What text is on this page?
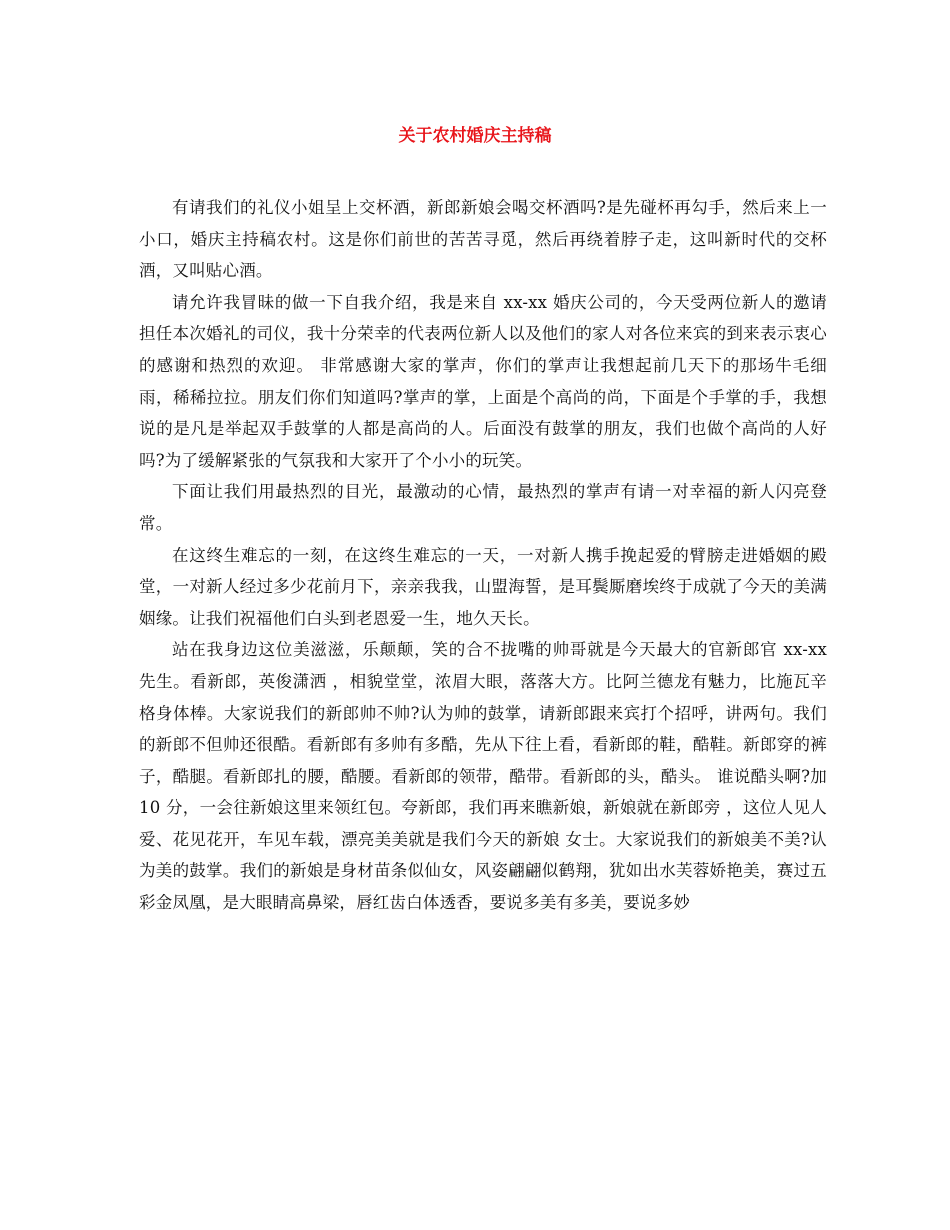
关于农村婚庆主持稿

有请我们的礼仪小姐呈上交杯酒，新郎新娘会喝交杯酒吗?是先碰杯再勾手，然后来上一小口，婚庆主持稿农村。这是你们前世的苦苦寻觅，然后再绕着脖子走，这叫新时代的交杯酒，又叫贴心酒。

请允许我冒昧的做一下自我介绍，我是来自 xx-xx 婚庆公司的，今天受两位新人的邀请担任本次婚礼的司仪，我十分荣幸的代表两位新人以及他们的家人对各位来宾的到来表示衷心的感谢和热烈的欢迎。 非常感谢大家的掌声，你们的掌声让我想起前几天下的那场牛毛细雨，稀稀拉拉。朋友们你们知道吗?掌声的掌，上面是个高尚的尚，下面是个手掌的手，我想说的是凡是举起双手鼓掌的人都是高尚的人。后面没有鼓掌的朋友，我们也做个高尚的人好吗?为了缓解紧张的气氛我和大家开了个小小的玩笑。

下面让我们用最热烈的目光，最激动的心情，最热烈的掌声有请一对幸福的新人闪亮登常。

在这终生难忘的一刻，在这终生难忘的一天，一对新人携手挽起爱的臂膀走进婚姻的殿堂，一对新人经过多少花前月下，亲亲我我，山盟海誓，是耳鬓厮磨埃终于成就了今天的美满姻缘。让我们祝福他们白头到老恩爱一生，地久天长。

站在我身边这位美滋滋，乐颠颠，笑的合不拢嘴的帅哥就是今天最大的官新郎官 xx-xx 先生。看新郎，英俊潇洒 ，相貌堂堂，浓眉大眼，落落大方。比阿兰德龙有魅力，比施瓦辛格身体棒。大家说我们的新郎帅不帅?认为帅的鼓掌，请新郎跟来宾打个招呼，讲两句。我们的新郎不但帅还很酷。看新郎有多帅有多酷，先从下往上看，看新郎的鞋，酷鞋。新郎穿的裤子，酷腿。看新郎扎的腰，酷腰。看新郎的领带，酷带。看新郎的头，酷头。 谁说酷头啊?加 10 分，一会往新娘这里来领红包。夸新郎，我们再来瞧新娘，新娘就在新郎旁 ，这位人见人爱、花见花开，车见车载，漂亮美美就是我们今天的新娘 女士。大家说我们的新娘美不美?认为美的鼓掌。我们的新娘是身材苗条似仙女，风姿翩翩似鹤翔，犹如出水芙蓉娇艳美，赛过五彩金凤凰，是大眼睛高鼻梁，唇红齿白体透香，要说多美有多美，要说多妙
